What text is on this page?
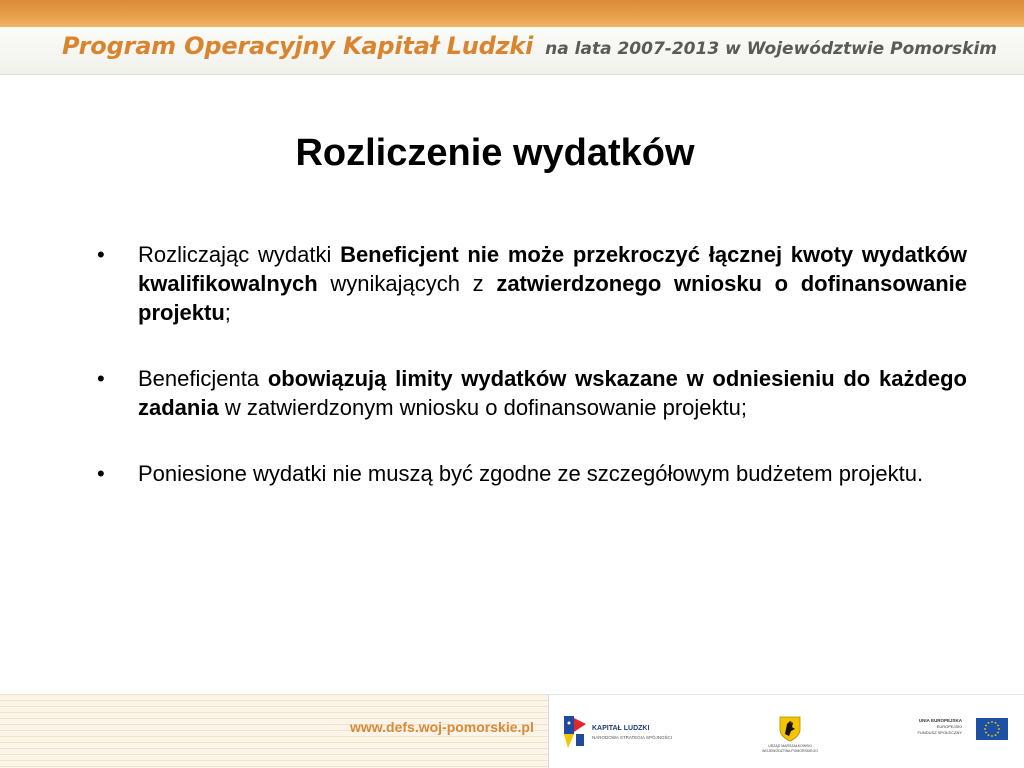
Program Operacyjny Kapitał Ludzki na lata 2007-2013 w Województwie Pomorskim
Rozliczenie wydatków
• Rozliczając wydatki Beneficjent nie może przekroczyć łącznej kwoty wydatków kwalifikowalnych wynikających z zatwierdzonego wniosku o dofinansowanie projektu;
• Beneficjenta obowiązują limity wydatków wskazane w odniesieniu do każdego zadania w zatwierdzonym wniosku o dofinansowanie projektu;
• Poniesione wydatki nie muszą być zgodne ze szczegółowym budżetem projektu.
www.defs.woj-pomorskie.pl	KAPITAŁ LUDZKI
NARODOWA STRATEGIA SPÓJNOŚCI
URZĄD MARSZAŁKOWSKI
WOJEWÓDZTWA POMORSKIEGO
UNIA EUROPEJSKA
EUROPEJSKI
FUNDUSZ SPOŁECZNY
